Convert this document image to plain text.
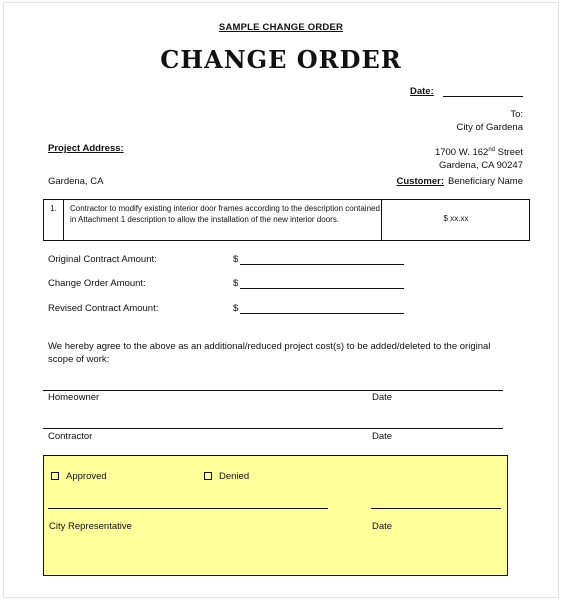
SAMPLE CHANGE ORDER
CHANGE ORDER
Date:
To:
City of Gardena
1700 W. 162nd Street
Gardena, CA 90247
Project Address:
Gardena, CA	Customer: Beneficiary Name
1.	Contractor to modify existing interior door frames according to the description contained in Attachment 1 description to allow the installation of the new interior doors.	$ xx.xx
Original Contract Amount:	$
Change Order Amount:	$
Revised Contract Amount:	$
We hereby agree to the above as an additional/reduced project cost(s) to be added/deleted to the original scope of work:
Homeowner	Date
Contractor	Date
Approved	Denied
City Representative	Date
